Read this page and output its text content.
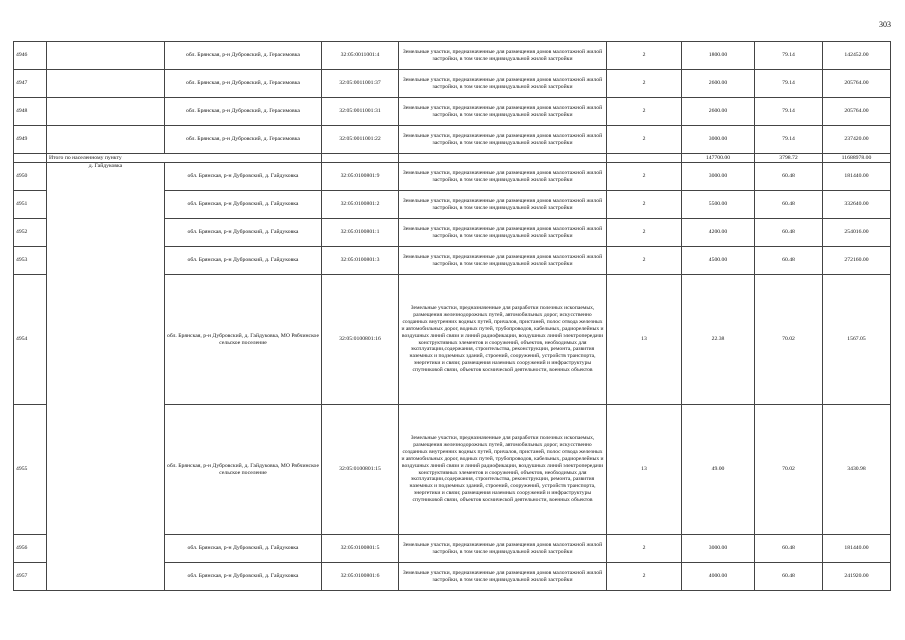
303
4946		обл. Брянская, р-н Дубровский, д. Герасимовка	32:05:0011001:4	Земельные участки, предназначенные для размещения домов малоэтажной жилой застройки, в том числе индивидуальной жилой застройки	2	1800.00	79.14	142452.00
4947		обл. Брянская, р-н Дубровский, д. Герасимовка	32:05:0011001:37	Земельные участки, предназначенные для размещения домов малоэтажной жилой застройки, в том числе индивидуальной жилой застройки	2	2600.00	79.14	205764.00
4948		обл. Брянская, р-н Дубровский, д. Герасимовка	32:05:0011001:31	Земельные участки, предназначенные для размещения домов малоэтажной жилой застройки, в том числе индивидуальной жилой застройки	2	2600.00	79.14	205764.00
4949		обл. Брянская, р-н Дубровский, д. Герасимовка	32:05:0011001:22	Земельные участки, предназначенные для размещения домов малоэтажной жилой застройки, в том числе индивидуальной жилой застройки	2	3000.00	79.14	237420.00
	Итого по населенному пункту					147700.00	3798.72	11688978.00
4950	д. Гайдуковка	обл. Брянская, р-н Дубровский, д. Гайдуковка	32:05:0100801:9	Земельные участки, предназначенные для размещения домов малоэтажной жилой застройки, в том числе индивидуальной жилой застройки	2	3000.00	60.48	181440.00
4951		обл. Брянская, р-н Дубровский, д. Гайдуковка	32:05:0100801:2	Земельные участки, предназначенные для размещения домов малоэтажной жилой застройки, в том числе индивидуальной жилой застройки	2	5500.00	60.48	332640.00
4952		обл. Брянская, р-н Дубровский, д. Гайдуковка	32:05:0100801:1	Земельные участки, предназначенные для размещения домов малоэтажной жилой застройки, в том числе индивидуальной жилой застройки	2	4200.00	60.48	254016.00
4953		обл. Брянская, р-н Дубровский, д. Гайдуковка	32:05:0100801:3	Земельные участки, предназначенные для размещения домов малоэтажной жилой застройки, в том числе индивидуальной жилой застройки	2	4500.00	60.48	272160.00
4954		обл. Брянская, р-н Дубровский, д. Гайдуковка, МО Рябчинское сельское поселение	32:05:0100801:16	Земельные участки, предназначенные для разработки полезных ископаемых, размещения железнодорожных путей, автомобильных дорог, искусственно созданных внутренних водных путей, причалов, пристаней, полос отвода железных и автомобильных дорог, водных путей, трубопроводов, кабельных, радиорелейных и воздушных линий связи и линий радиофикации, воздушных линий электропередачи конструктивных элементов и сооружений, объектов, необходимых для эксплуатации,содержания, строительства, реконструкции, ремонта, развития наземных и подземных зданий, строений, сооружений, устройств транспорта, энергетики и связи; размещения наземных сооружений и инфраструктуры спутниковой связи, объектов космической деятельности, военных объектов	13	22.38	70.02	1567.05
4955		обл. Брянская, р-н Дубровский, д. Гайдуковка, МО Рябчинское сельское поселение	32:05:0100801:15	Земельные участки, предназначенные для разработки полезных ископаемых, размещения железнодорожных путей, автомобильных дорог, искусственно созданных внутренних водных путей, причалов, пристаней, полос отвода железных и автомобильных дорог, водных путей, трубопроводов, кабельных, радиорелейных и воздушных линий связи и линий радиофикации, воздушных линий электропередачи конструктивных элементов и сооружений, объектов, необходимых для эксплуатации,содержания, строительства, реконструкции, ремонта, развития наземных и подземных зданий, строений, сооружений, устройств транспорта, энергетики и связи; размещения наземных сооружений и инфраструктуры спутниковой связи, объектов космической деятельности, военных объектов	13	49.00	70.02	3430.98
4956		обл. Брянская, р-н Дубровский, д. Гайдуковка	32:05:0100801:5	Земельные участки, предназначенные для размещения домов малоэтажной жилой застройки, в том числе индивидуальной жилой застройки	2	3000.00	60.48	181440.00
4957		обл. Брянская, р-н Дубровский, д. Гайдуковка	32:05:0100801:6	Земельные участки, предназначенные для размещения домов малоэтажной жилой застройки, в том числе индивидуальной жилой застройки	2	4000.00	60.48	241920.00
